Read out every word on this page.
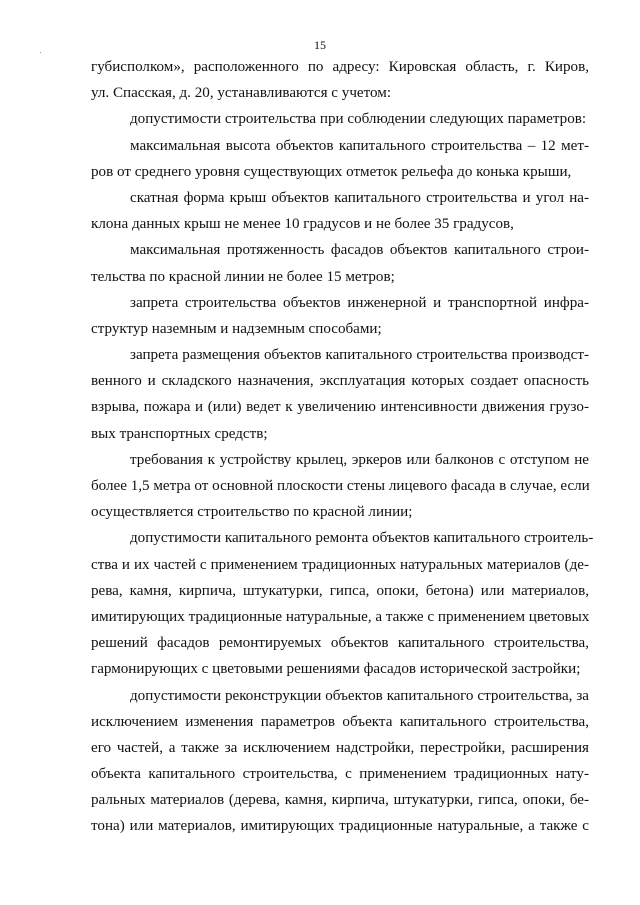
15
губисполком», расположенного по адресу: Кировская область, г. Киров,
ул. Спасская, д. 20, устанавливаются с учетом:
допустимости строительства при соблюдении следующих параметров:
максимальная высота объектов капитального строительства – 12 мет-
ров от среднего уровня существующих отметок рельефа до конька крыши,
скатная форма крыш объектов капитального строительства и угол на-
клона данных крыш не менее 10 градусов и не более 35 градусов,
максимальная протяженность фасадов объектов капитального строи-
тельства по красной линии не более 15 метров;
запрета строительства объектов инженерной и транспортной инфра-
структур наземным и надземным способами;
запрета размещения объектов капитального строительства производст-
венного и складского назначения, эксплуатация которых создает опасность
взрыва, пожара и (или) ведет к увеличению интенсивности движения грузо-
вых транспортных средств;
требования к устройству крылец, эркеров или балконов с отступом не
более 1,5 метра от основной плоскости стены лицевого фасада в случае, если
осуществляется строительство по красной линии;
допустимости капитального ремонта объектов капитального строитель-
ства и их частей с применением традиционных натуральных материалов (де-
рева, камня, кирпича, штукатурки, гипса, опоки, бетона) или материалов,
имитирующих традиционные натуральные, а также с применением цветовых
решений фасадов ремонтируемых объектов капитального строительства,
гармонирующих с цветовыми решениями фасадов исторической застройки;
допустимости реконструкции объектов капитального строительства, за
исключением изменения параметров объекта капитального строительства,
его частей, а также за исключением надстройки, перестройки, расширения
объекта капитального строительства, с применением традиционных нату-
ральных материалов (дерева, камня, кирпича, штукатурки, гипса, опоки, бе-
тона) или материалов, имитирующих традиционные натуральные, а также с
